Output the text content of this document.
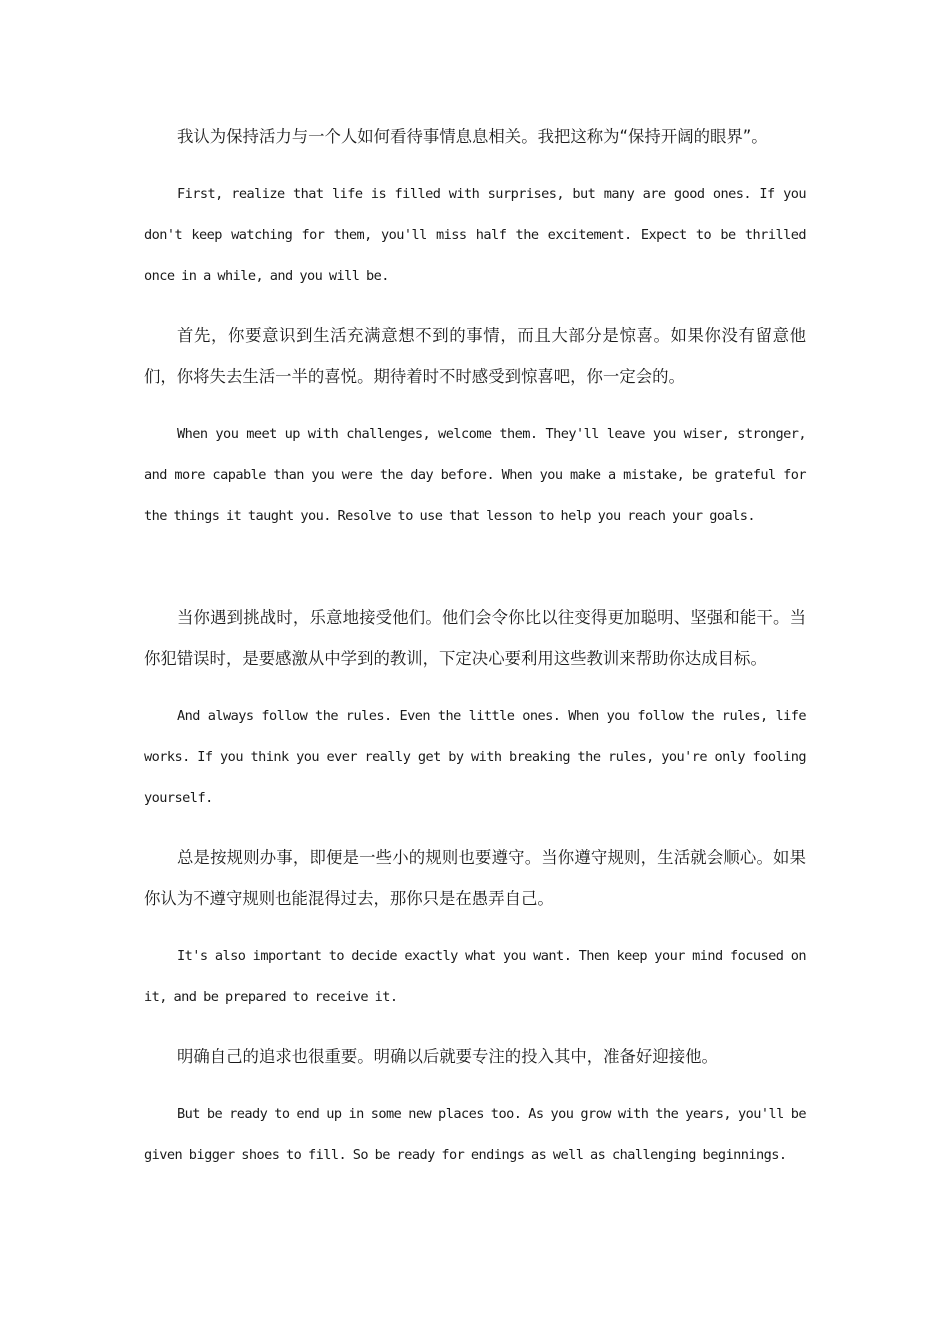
我认为保持活力与一个人如何看待事情息息相关。我把这称为“保持开阔的眼界”。

First, realize that life is filled with surprises, but many are good ones. If you don't keep watching for them, you'll miss half the excitement. Expect to be thrilled once in a while, and you will be.

首先，你要意识到生活充满意想不到的事情，而且大部分是惊喜。如果你没有留意他们，你将失去生活一半的喜悦。期待着时不时感受到惊喜吧，你一定会的。

When you meet up with challenges, welcome them. They'll leave you wiser, stronger, and more capable than you were the day before. When you make a mistake, be grateful for the things it taught you. Resolve to use that lesson to help you reach your goals.

当你遇到挑战时，乐意地接受他们。他们会令你比以往变得更加聪明、坚强和能干。当你犯错误时，是要感激从中学到的教训，下定决心要利用这些教训来帮助你达成目标。

And always follow the rules. Even the little ones. When you follow the rules, life works. If you think you ever really get by with breaking the rules, you're only fooling yourself.

总是按规则办事，即便是一些小的规则也要遵守。当你遵守规则，生活就会顺心。如果你认为不遵守规则也能混得过去，那你只是在愚弄自己。

It's also important to decide exactly what you want. Then keep your mind focused on it, and be prepared to receive it.

明确自己的追求也很重要。明确以后就要专注的投入其中，准备好迎接他。

But be ready to end up in some new places too. As you grow with the years, you'll be given bigger shoes to fill. So be ready for endings as well as challenging beginnings.
